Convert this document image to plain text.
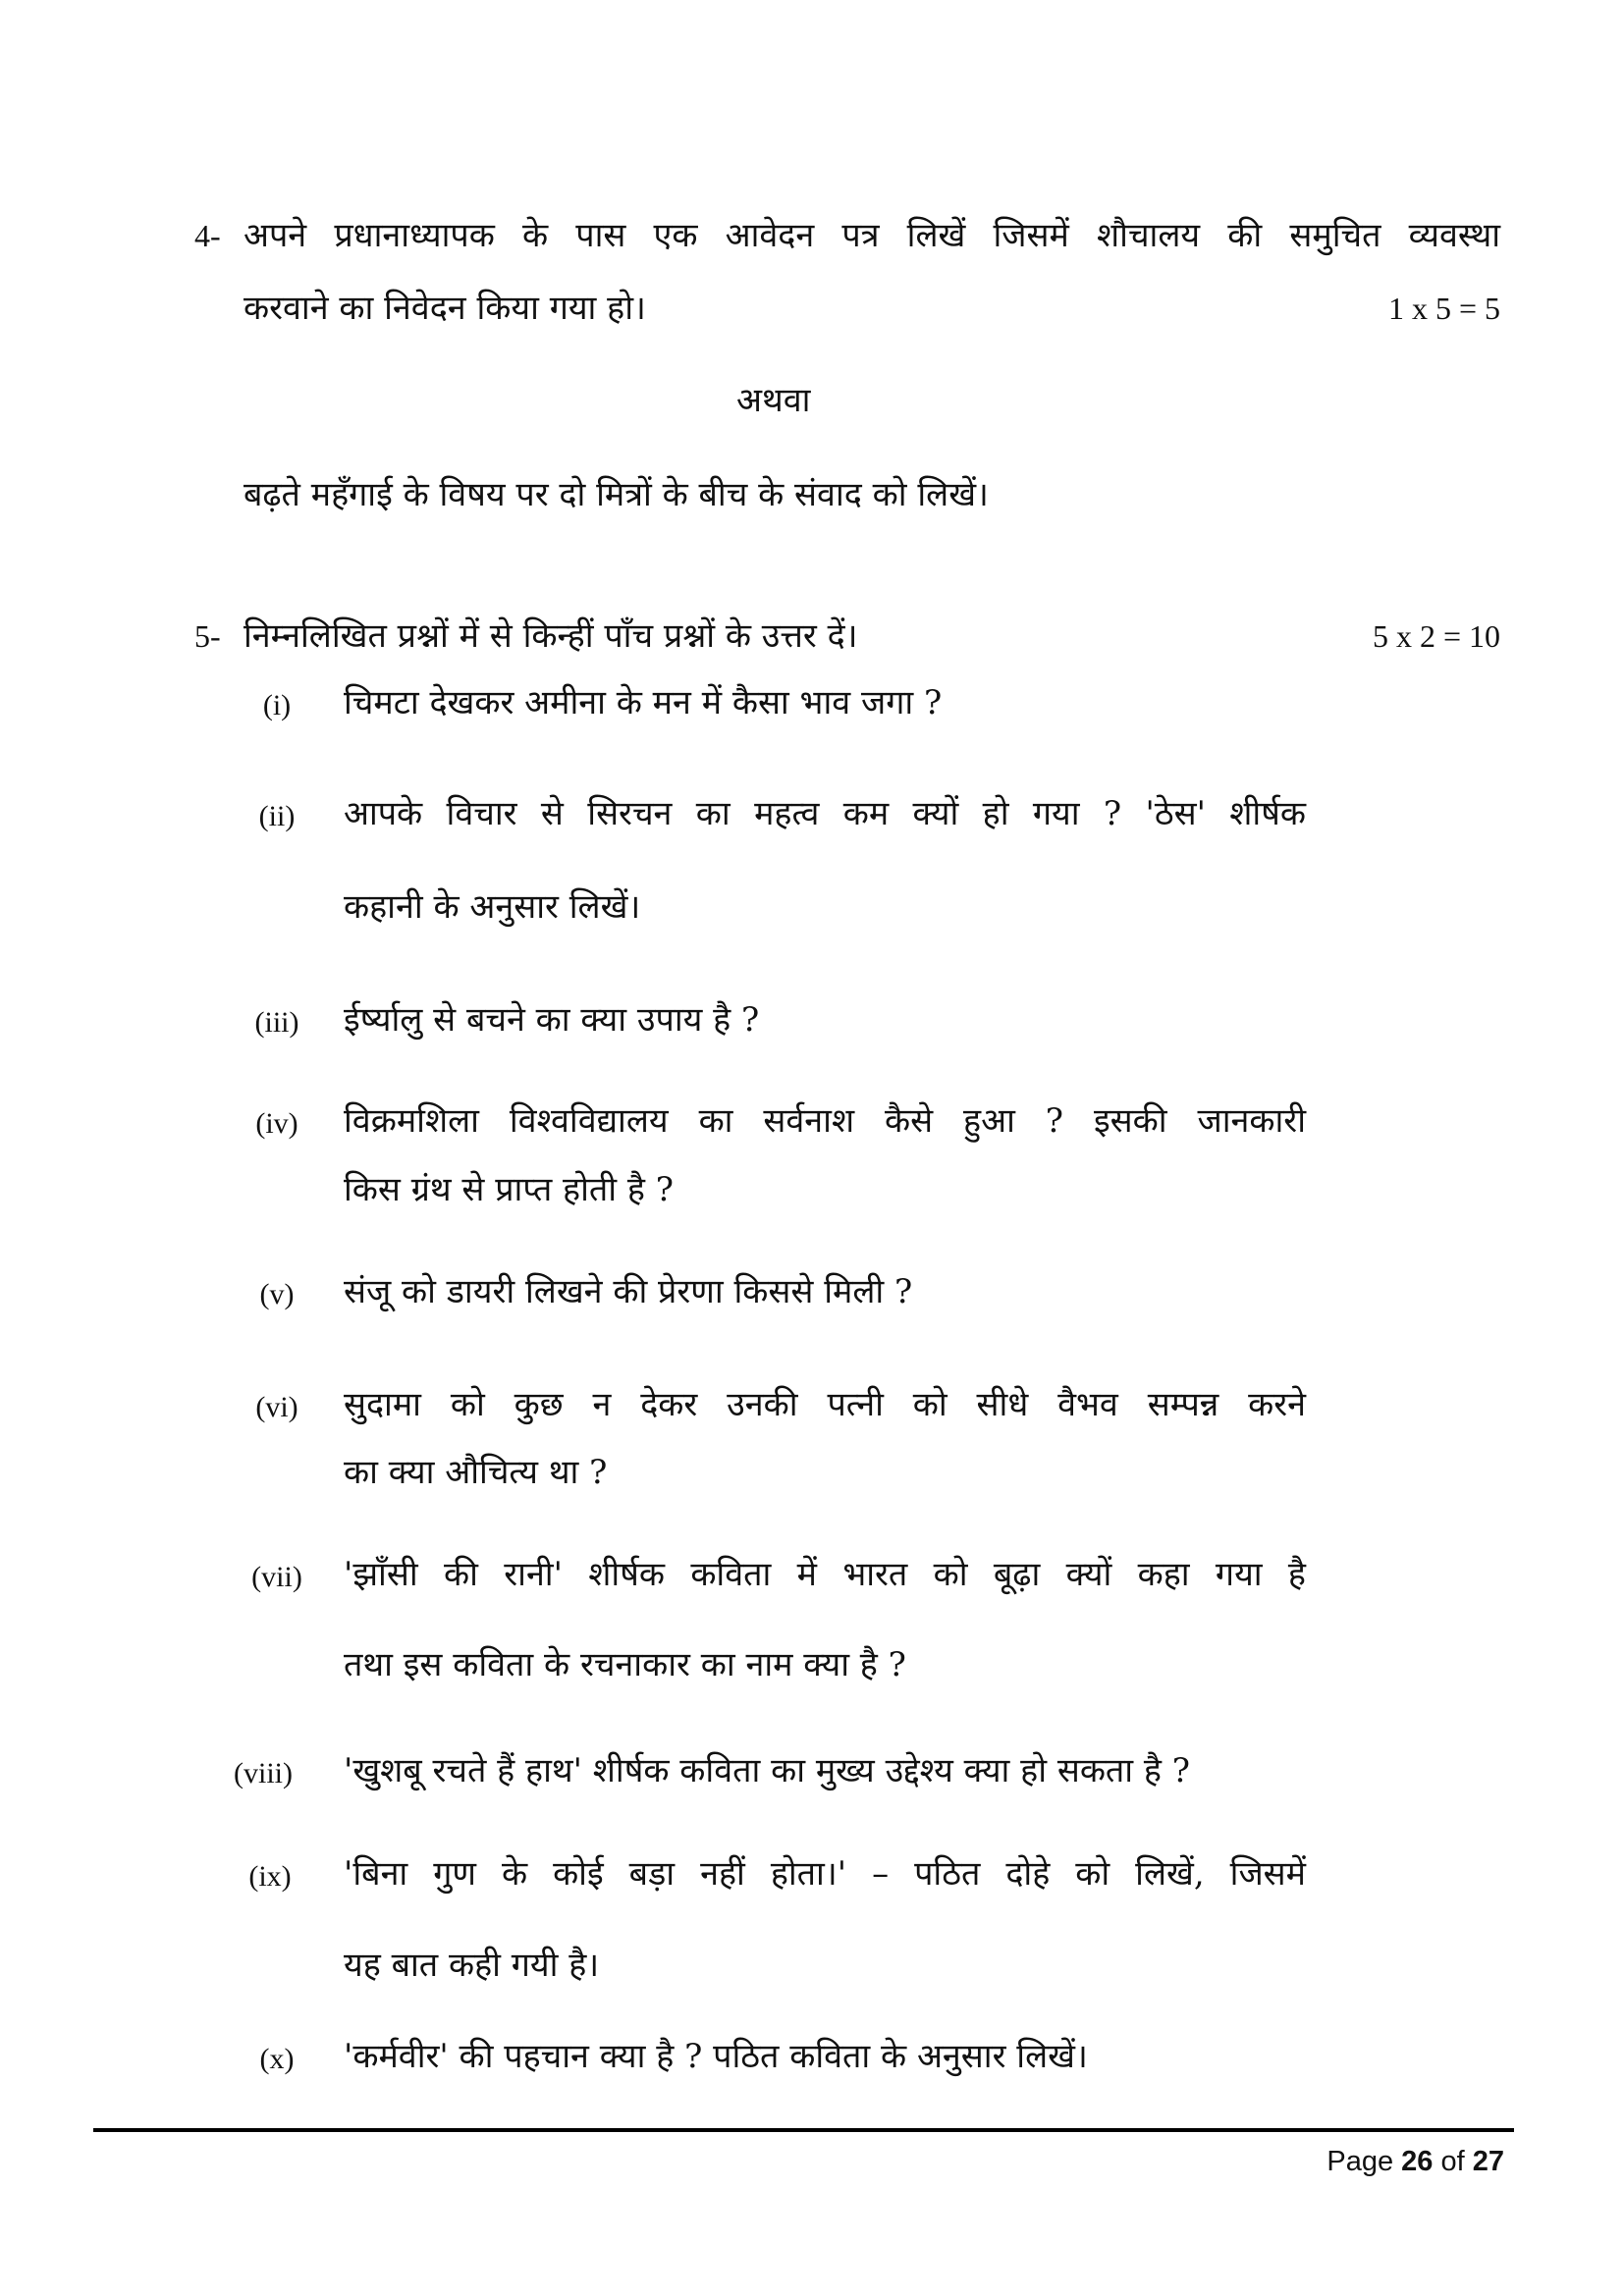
4- अपने प्रधानाध्यापक के पास एक आवेदन पत्र लिखें जिसमें शौचालय की समुचित व्यवस्था
करवाने का निवेदन किया गया हो।	1 x 5 = 5
अथवा
बढ़ते महँगाई के विषय पर दो मित्रों के बीच के संवाद को लिखें।
5- निम्नलिखित प्रश्नों में से किन्हीं पाँच प्रश्नों के उत्तर दें।	5 x 2 = 10
(i)	चिमटा देखकर अमीना के मन में कैसा भाव जगा ?
(ii)	आपके विचार से सिरचन का महत्व कम क्यों हो गया ? 'ठेस' शीर्षक
कहानी के अनुसार लिखें।
(iii)	ईर्ष्यालु से बचने का क्या उपाय है ?
(iv)	विक्रमशिला विश्वविद्यालय का सर्वनाश कैसे हुआ ? इसकी जानकारी
किस ग्रंथ से प्राप्त होती है ?
(v)	संजू को डायरी लिखने की प्रेरणा किससे मिली ?
(vi)	सुदामा को कुछ न देकर उनकी पत्नी को सीधे वैभव सम्पन्न करने
का क्या औचित्य था ?
(vii)	'झाँसी की रानी' शीर्षक कविता में भारत को बूढ़ा क्यों कहा गया है
तथा इस कविता के रचनाकार का नाम क्या है ?
(viii)	'खुशबू रचते हैं हाथ' शीर्षक कविता का मुख्य उद्देश्य क्या हो सकता है ?
(ix)	'बिना गुण के कोई बड़ा नहीं होता।' – पठित दोहे को लिखें, जिसमें
यह बात कही गयी है।
(x)	'कर्मवीर' की पहचान क्या है ? पठित कविता के अनुसार लिखें।
Page 26 of 27
